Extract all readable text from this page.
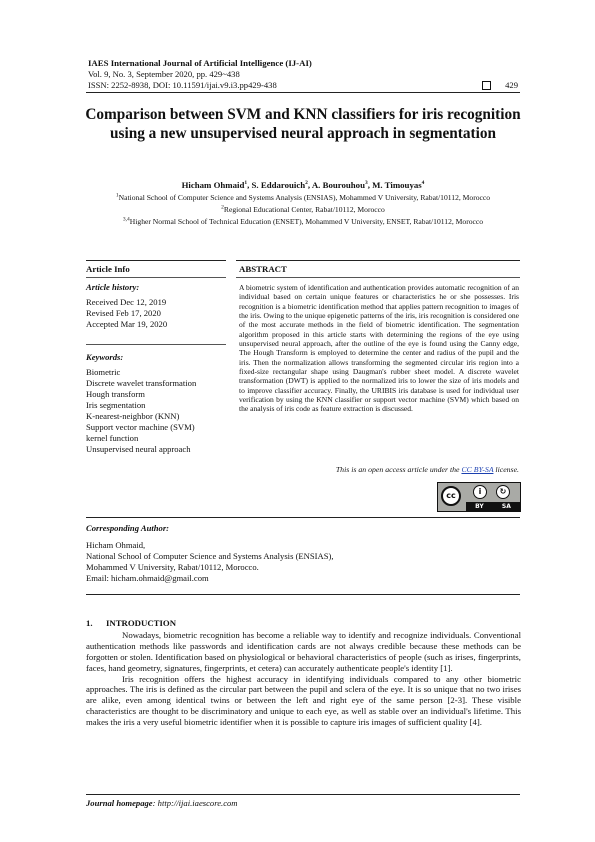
IAES International Journal of Artificial Intelligence (IJ-AI)
Vol. 9, No. 3, September 2020, pp. 429~438
ISSN: 2252-8938, DOI: 10.11591/ijai.v9.i3.pp429-438	429
Comparison between SVM and KNN classifiers for iris recognition using a new unsupervised neural approach in segmentation
Hicham Ohmaid$^1$, S. Eddarouich$^2$, A. Bourouhou$^3$, M. Timouyas$^4$
$^1$National School of Computer Science and Systems Analysis (ENSIAS), Mohammed V University, Rabat/10112, Morocco
$^2$Regional Educational Center, Rabat/10112, Morocco
$^{3,4}$Higher Normal School of Technical Education (ENSET), Mohammed V University, ENSET, Rabat/10112, Morocco
Article Info	ABSTRACT
Article history:
Received Dec 12, 2019
Revised Feb 17, 2020
Accepted Mar 19, 2020
Keywords:
Biometric
Discrete wavelet transformation
Hough transform
Iris segmentation
K-nearest-neighbor (KNN)
Support vector machine (SVM)
kernel function
Unsupervised neural approach
A biometric system of identification and authentication provides automatic recognition of an individual based on certain unique features or characteristics he or she possesses. Iris recognition is a biometric identification method that applies pattern recognition to images of the iris. Owing to the unique epigenetic patterns of the iris, iris recognition is considered one of the most accurate methods in the field of biometric identification. The segmentation algorithm proposed in this article starts with determining the regions of the eye using unsupervised neural approach, after the outline of the eye is found using the Canny edge, The Hough Transform is employed to determine the center and radius of the pupil and the iris. Then the normalization allows transforming the segmented circular iris region into a fixed-size rectangular shape using Daugman's rubber sheet model. A discrete wavelet transformation (DWT) is applied to the normalized iris to lower the size of iris models and to improve classifier accuracy. Finally, the URIBIS iris database is used for individual user verification by using the KNN classifier or support vector machine (SVM) which based on the analysis of iris code as feature extraction is discussed.
This is an open access article under the CC BY-SA license.
cc	i	↻
BY	SA
Corresponding Author:
Hicham Ohmaid,
National School of Computer Science and Systems Analysis (ENSIAS),
Mohammed V University, Rabat/10112, Morocco.
Email: hicham.ohmaid@gmail.com
1. INTRODUCTION

Nowadays, biometric recognition has become a reliable way to identify and recognize individuals. Conventional authentication methods like passwords and identification cards are not always credible because these methods can be forgotten or stolen. Identification based on physiological or behavioral characteristics of people (such as irises, fingerprints, faces, hand geometry, signatures, fingerprints, et cetera) can accurately authenticate people's identity [1].

Iris recognition offers the highest accuracy in identifying individuals compared to any other biometric approaches. The iris is defined as the circular part between the pupil and sclera of the eye. It is so unique that no two irises are alike, even among identical twins or between the left and right eye of the same person [2-3]. These visible characteristics are thought to be discriminatory and unique to each eye, as well as stable over an individual's lifetime. This makes the iris a very useful biometric identifier when it is possible to capture iris images of sufficient quality [4].

Journal homepage: http://ijai.iaescore.com
